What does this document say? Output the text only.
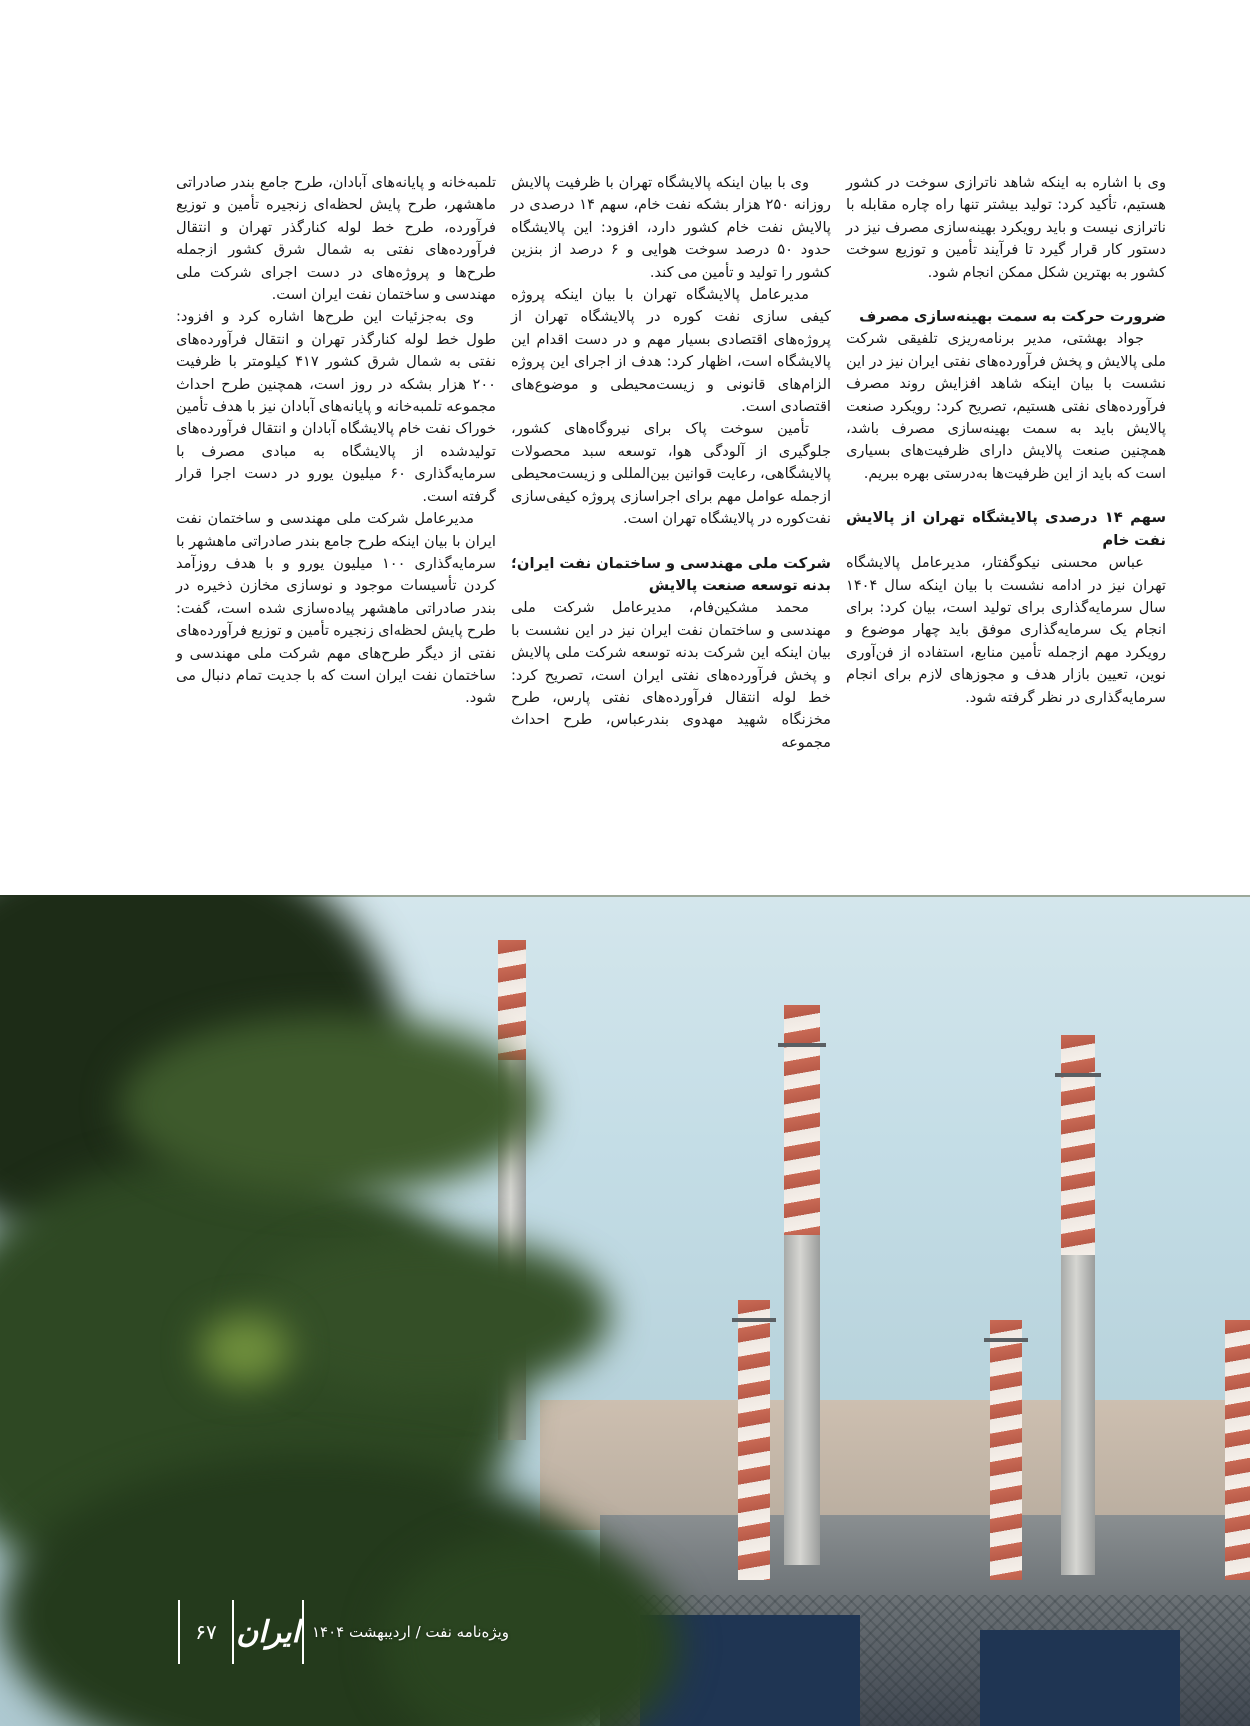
وی با اشاره به اینکه شاهد ناترازی سوخت در کشور هستیم، تأکید کرد: تولید بیشتر تنها راه چاره مقابله با ناترازی نیست و باید رویکرد بهینه‌سازی مصرف نیز در دستور کار قرار گیرد تا فرآیند تأمین و توزیع سوخت کشور به بهترین شکل ممکن انجام شود.

ضرورت حرکت به سمت بهینه‌سازی مصرف

جواد بهشتی، مدیر برنامه‌ریزی تلفیقی شرکت ملی پالایش و پخش فرآورده‌های نفتی ایران نیز در این نشست با بیان اینکه شاهد افزایش روند مصرف فرآورده‌های نفتی هستیم، تصریح کرد: رویکرد صنعت پالایش باید به سمت بهینه‌سازی مصرف باشد، همچنین صنعت پالایش دارای ظرفیت‌های بسیاری است که باید از این ظرفیت‌ها به‌درستی بهره ببریم.

سهم ۱۴ درصدی پالایشگاه تهران از پالایش نفت خام

عباس محسنی نیکوگفتار، مدیرعامل پالایشگاه تهران نیز در ادامه نشست با بیان اینکه سال ۱۴۰۴ سال سرمایه‌گذاری برای تولید است، بیان کرد: برای انجام یک سرمایه‌گذاری موفق باید چهار موضوع و رویکرد مهم ازجمله تأمین منابع، استفاده از فن‌آوری نوین، تعیین بازار هدف و مجوزهای لازم برای انجام سرمایه‌گذاری در نظر گرفته شود.

وی با بیان اینکه پالایشگاه تهران با ظرفیت پالایش روزانه ۲۵۰ هزار بشکه نفت خام، سهم ۱۴ درصدی در پالایش نفت خام کشور دارد، افزود: این پالایشگاه حدود ۵۰ درصد سوخت هوایی و ۶ درصد از بنزین کشور را تولید و تأمین می کند.

مدیرعامل پالایشگاه تهران با بیان اینکه پروژه کیفی سازی نفت کوره در پالایشگاه تهران از پروژه‌های اقتصادی بسیار مهم و در دست اقدام این پالایشگاه است، اظهار کرد: هدف از اجرای این پروژه الزام‌های قانونی و زیست‌محیطی و موضوع‌های اقتصادی است.

تأمین سوخت پاک برای نیروگاه‌های کشور، جلوگیری از آلودگی هوا، توسعه سبد محصولات پالایشگاهی، رعایت قوانین بین‌المللی و زیست‌محیطی ازجمله عوامل مهم برای اجراسازی پروژه کیفی‌سازی نفت‌کوره در پالایشگاه تهران است.

شرکت ملی مهندسی و ساختمان نفت ایران؛ بدنه توسعه صنعت پالایش

محمد مشکین‌فام، مدیرعامل شرکت ملی مهندسی و ساختمان نفت ایران نیز در این نشست با بیان اینکه این شرکت بدنه توسعه شرکت ملی پالایش و پخش فرآورده‌های نفتی ایران است، تصریح کرد: خط لوله انتقال فرآورده‌های نفتی پارس، طرح مخزنگاه شهید مهدوی بندرعباس، طرح احداث مجموعه

تلمبه‌خانه و پایانه‌های آبادان، طرح جامع بندر صادراتی ماهشهر، طرح پایش لحظه‌ای زنجیره تأمین و توزیع فرآورده، طرح خط لوله کنارگذر تهران و انتقال فرآورده‌های نفتی به شمال شرق کشور ازجمله طرح‌ها و پروژه‌های در دست اجرای شرکت ملی مهندسی و ساختمان نفت ایران است.

وی به‌جزئیات این طرح‌ها اشاره کرد و افزود: طول خط لوله کنارگذر تهران و انتقال فرآورده‌های نفتی به شمال شرق کشور ۴۱۷ کیلومتر با ظرفیت ۲۰۰ هزار بشکه در روز است، همچنین طرح احداث مجموعه تلمبه‌خانه و پایانه‌های آبادان نیز با هدف تأمین خوراک نفت خام پالایشگاه آبادان و انتقال فرآورده‌های تولیدشده از پالایشگاه به مبادی مصرف با سرمایه‌گذاری ۶۰ میلیون یورو در دست اجرا قرار گرفته است.

مدیرعامل شرکت ملی مهندسی و ساختمان نفت ایران با بیان اینکه طرح جامع بندر صادراتی ماهشهر با سرمایه‌گذاری ۱۰۰ میلیون یورو و با هدف روزآمد کردن تأسیسات موجود و نوسازی مخازن ذخیره در بندر صادراتی ماهشهر پیاده‌سازی شده است، گفت: طرح پایش لحظه‌ای زنجیره تأمین و توزیع فرآورده‌های نفتی از دیگر طرح‌های مهم شرکت ملی مهندسی و ساختمان نفت ایران است که با جدیت تمام دنبال می شود.

۶۷ ایران ویژه‌نامه نفت / اردیبهشت ۱۴۰۴
